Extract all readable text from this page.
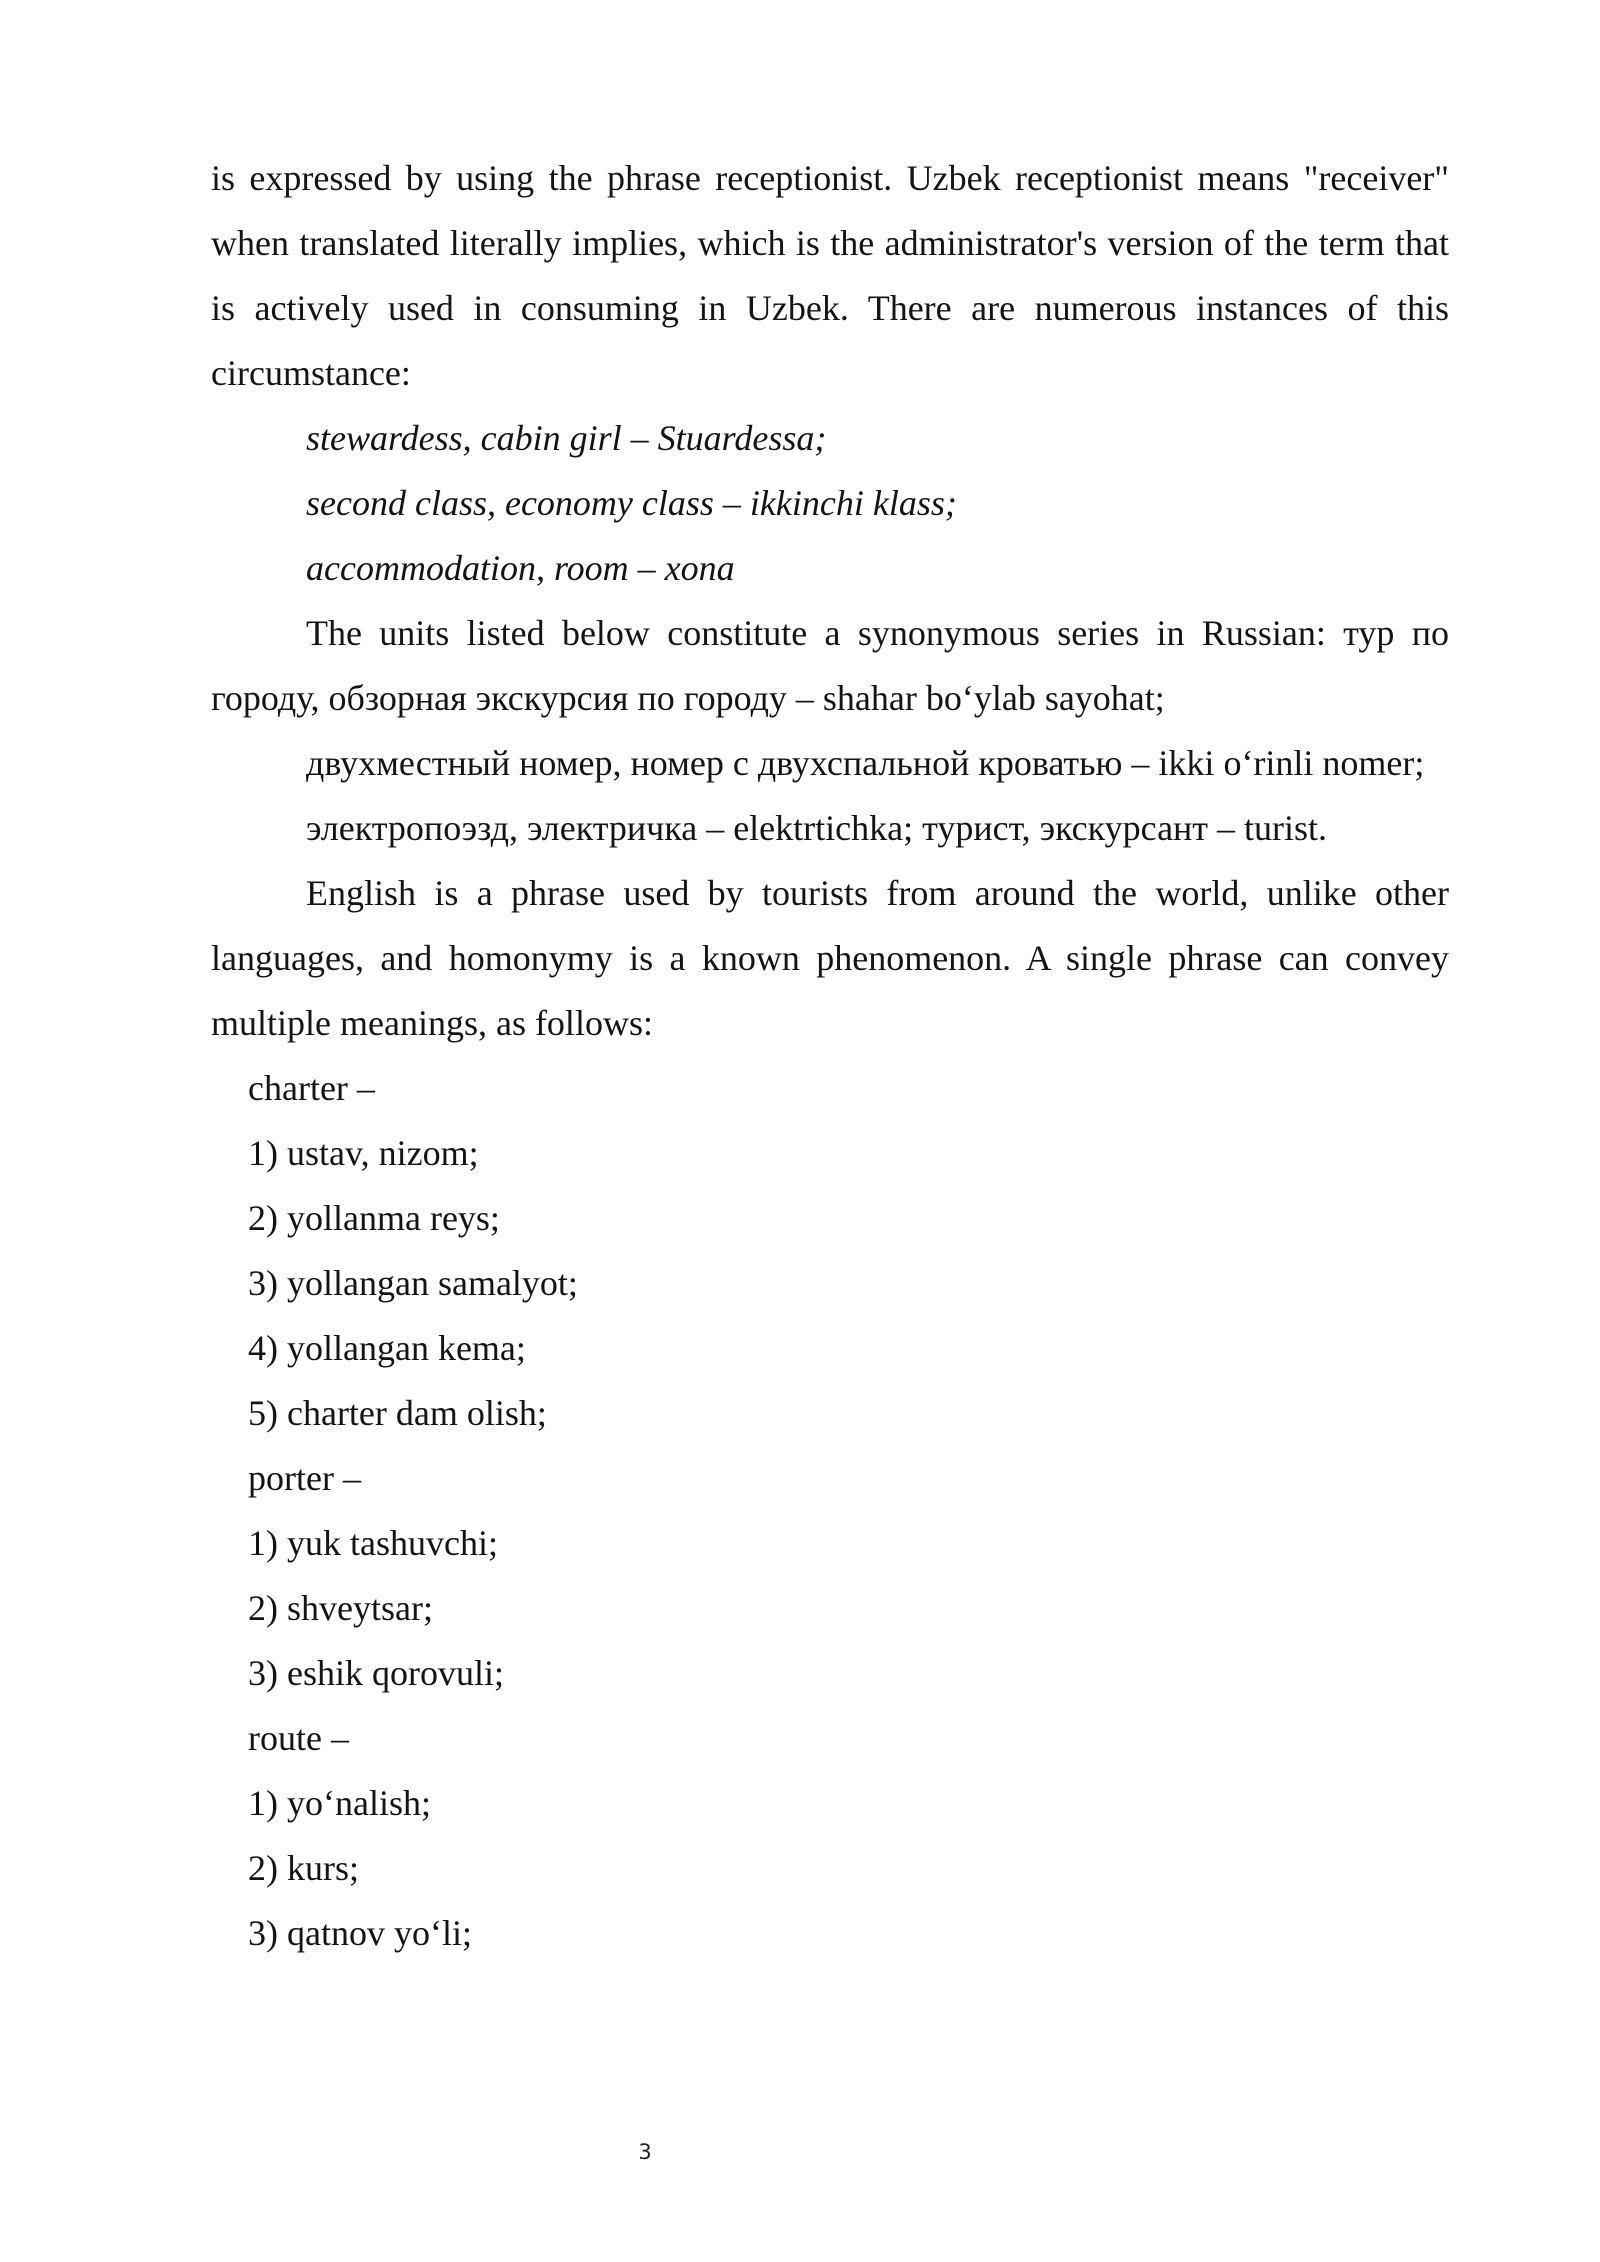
is expressed by using the phrase receptionist. Uzbek receptionist means "receiver" when translated literally implies, which is the administrator's version of the term that is actively used in consuming in Uzbek. There are numerous instances of this circumstance:

stewardess, cabin girl – Stuardessa;

second class, economy class – ikkinchi klass;

accommodation, room – xona

The units listed below constitute a synonymous series in Russian: тур по городу, обзорная экскурсия по городу – shahar bo‘ylab sayohat;

двухместный номер, номер с двухспальной кроватью – ikki o‘rinli nomer;

электропоэзд, электричка – elektrtichka; турист, экскурсант – turist.

English is a phrase used by tourists from around the world, unlike other languages, and homonymy is a known phenomenon. A single phrase can convey multiple meanings, as follows:

charter –

1) ustav, nizom;

2) yollanma reys;

3) yollangan samalyot;

4) yollangan kema;

5) charter dam olish;

porter –

1) yuk tashuvchi;

2) shveytsar;

3) eshik qorovuli;

route –

1) yo‘nalish;

2) kurs;

3) qatnov yo‘li;

3
